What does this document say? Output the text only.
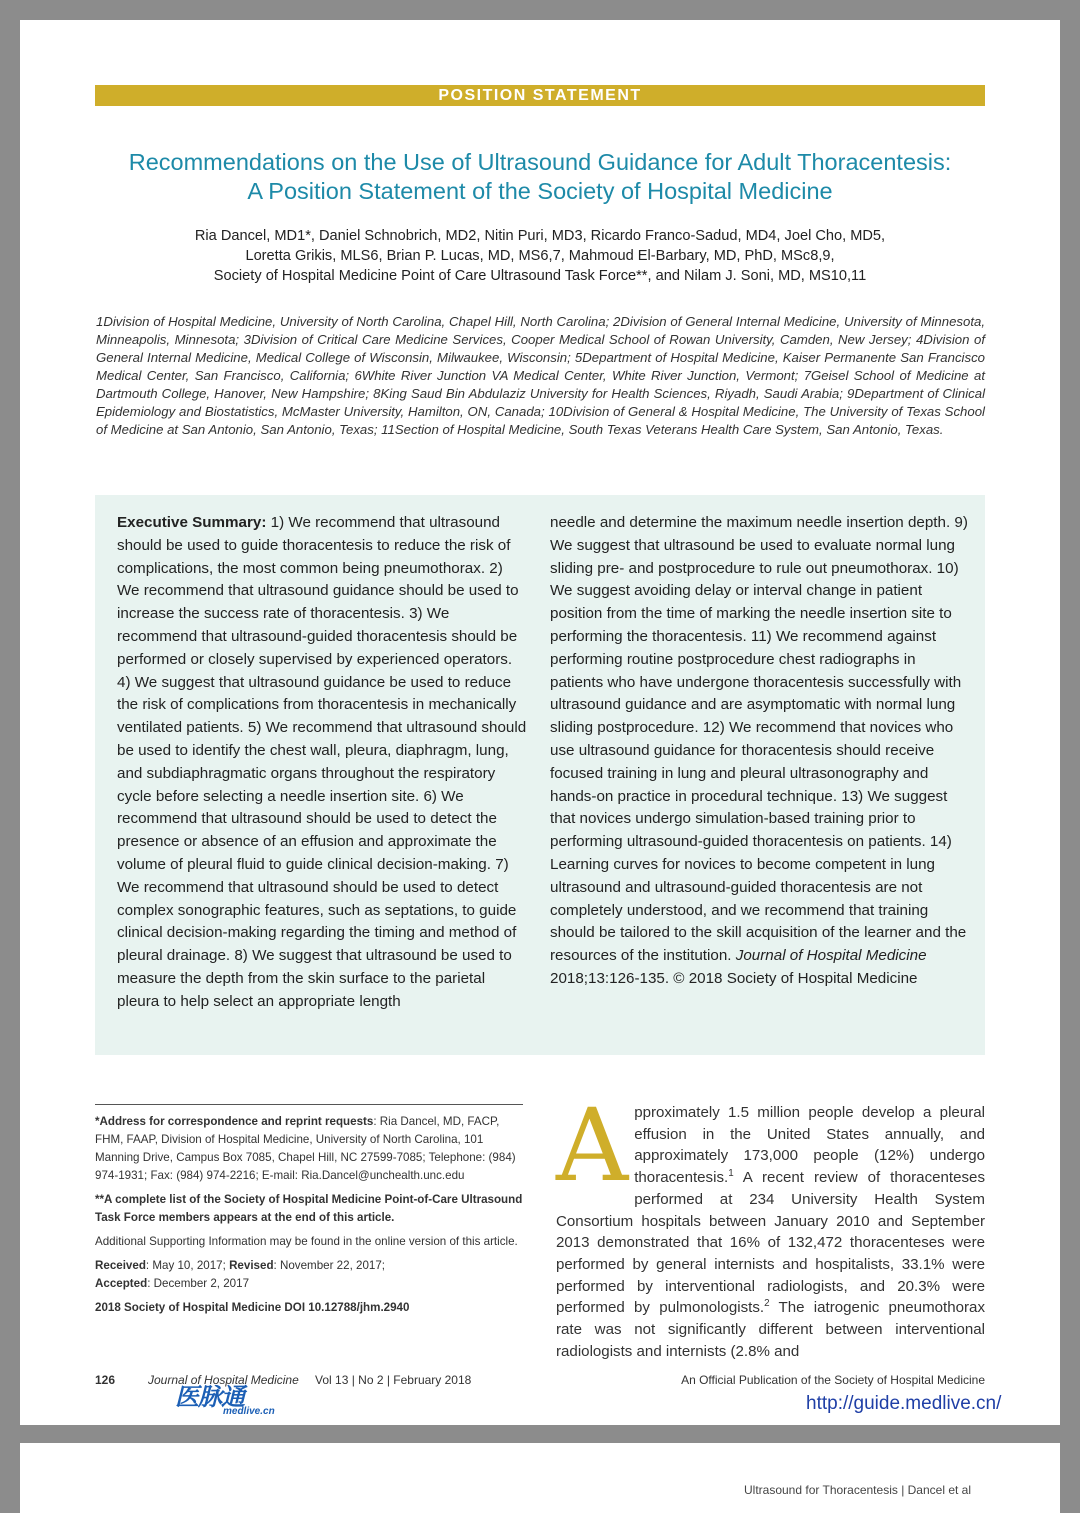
POSITION STATEMENT
Recommendations on the Use of Ultrasound Guidance for Adult Thoracentesis:
A Position Statement of the Society of Hospital Medicine
Ria Dancel, MD1*, Daniel Schnobrich, MD2, Nitin Puri, MD3, Ricardo Franco-Sadud, MD4, Joel Cho, MD5,
Loretta Grikis, MLS6, Brian P. Lucas, MD, MS6,7, Mahmoud El-Barbary, MD, PhD, MSc8,9,
Society of Hospital Medicine Point of Care Ultrasound Task Force**, and Nilam J. Soni, MD, MS10,11
1Division of Hospital Medicine, University of North Carolina, Chapel Hill, North Carolina; 2Division of General Internal Medicine, University of Minnesota, Minneapolis, Minnesota; 3Division of Critical Care Medicine Services, Cooper Medical School of Rowan University, Camden, New Jersey; 4Division of General Internal Medicine, Medical College of Wisconsin, Milwaukee, Wisconsin; 5Department of Hospital Medicine, Kaiser Permanente San Francisco Medical Center, San Francisco, California; 6White River Junction VA Medical Center, White River Junction, Vermont; 7Geisel School of Medicine at Dartmouth College, Hanover, New Hampshire; 8King Saud Bin Abdulaziz University for Health Sciences, Riyadh, Saudi Arabia; 9Department of Clinical Epidemiology and Biostatistics, McMaster University, Hamilton, ON, Canada; 10Division of General & Hospital Medicine, The University of Texas School of Medicine at San Antonio, San Antonio, Texas; 11Section of Hospital Medicine, South Texas Veterans Health Care System, San Antonio, Texas.
Executive Summary: 1) We recommend that ultrasound should be used to guide thoracentesis to reduce the risk of complications, the most common being pneumothorax. 2) We recommend that ultrasound guidance should be used to increase the success rate of thoracentesis. 3) We recommend that ultrasound-guided thoracentesis should be performed or closely supervised by experienced operators. 4) We suggest that ultrasound guidance be used to reduce the risk of complications from thoracentesis in mechanically ventilated patients. 5) We recommend that ultrasound should be used to identify the chest wall, pleura, diaphragm, lung, and subdiaphragmatic organs throughout the respiratory cycle before selecting a needle insertion site. 6) We recommend that ultrasound should be used to detect the presence or absence of an effusion and approximate the volume of pleural fluid to guide clinical decision-making. 7) We recommend that ultrasound should be used to detect complex sonographic features, such as septations, to guide clinical decision-making regarding the timing and method of pleural drainage. 8) We suggest that ultrasound be used to measure the depth from the skin surface to the parietal pleura to help select an appropriate length
needle and determine the maximum needle insertion depth. 9) We suggest that ultrasound be used to evaluate normal lung sliding pre- and postprocedure to rule out pneumothorax. 10) We suggest avoiding delay or interval change in patient position from the time of marking the needle insertion site to performing the thoracentesis. 11) We recommend against performing routine postprocedure chest radiographs in patients who have undergone thoracentesis successfully with ultrasound guidance and are asymptomatic with normal lung sliding postprocedure. 12) We recommend that novices who use ultrasound guidance for thoracentesis should receive focused training in lung and pleural ultrasonography and hands-on practice in procedural technique. 13) We suggest that novices undergo simulation-based training prior to performing ultrasound-guided thoracentesis on patients. 14) Learning curves for novices to become competent in lung ultrasound and ultrasound-guided thoracentesis are not completely understood, and we recommend that training should be tailored to the skill acquisition of the learner and the resources of the institution. Journal of Hospital Medicine 2018;13:126-135. © 2018 Society of Hospital Medicine

*Address for correspondence and reprint requests: Ria Dancel, MD, FACP, FHM, FAAP, Division of Hospital Medicine, University of North Carolina, 101 Manning Drive, Campus Box 7085, Chapel Hill, NC 27599-7085; Telephone: (984) 974-1931; Fax: (984) 974-2216; E-mail: Ria.Dancel@unchealth.unc.edu

**A complete list of the Society of Hospital Medicine Point-of-Care Ultrasound Task Force members appears at the end of this article.

Additional Supporting Information may be found in the online version of this article.

Received: May 10, 2017; Revised: November 22, 2017;

Accepted: December 2, 2017

2018 Society of Hospital Medicine DOI 10.12788/jhm.2940

Approximately 1.5 million people develop a pleural effusion in the United States annually, and approximately 173,000 people (12%) undergo thoracentesis.$^1$ A recent review of thoracenteses performed at 234 University Health System Consortium hospitals between January 2010 and September 2013 demonstrated that 16% of 132,472 thoracenteses were performed by general internists and hospitalists, 33.1% were performed by interventional radiologists, and 20.3% were performed by pulmonologists.$^2$ The iatrogenic pneumothorax rate was not significantly different between interventional radiologists and internists (2.8% and
126	Journal of Hospital Medicine Vol 13 | No 2 | February 2018	An Official Publication of the Society of Hospital Medicine
医脉通
medlive.cn	http://guide.medlive.cn/
Ultrasound for Thoracentesis | Dancel et al
